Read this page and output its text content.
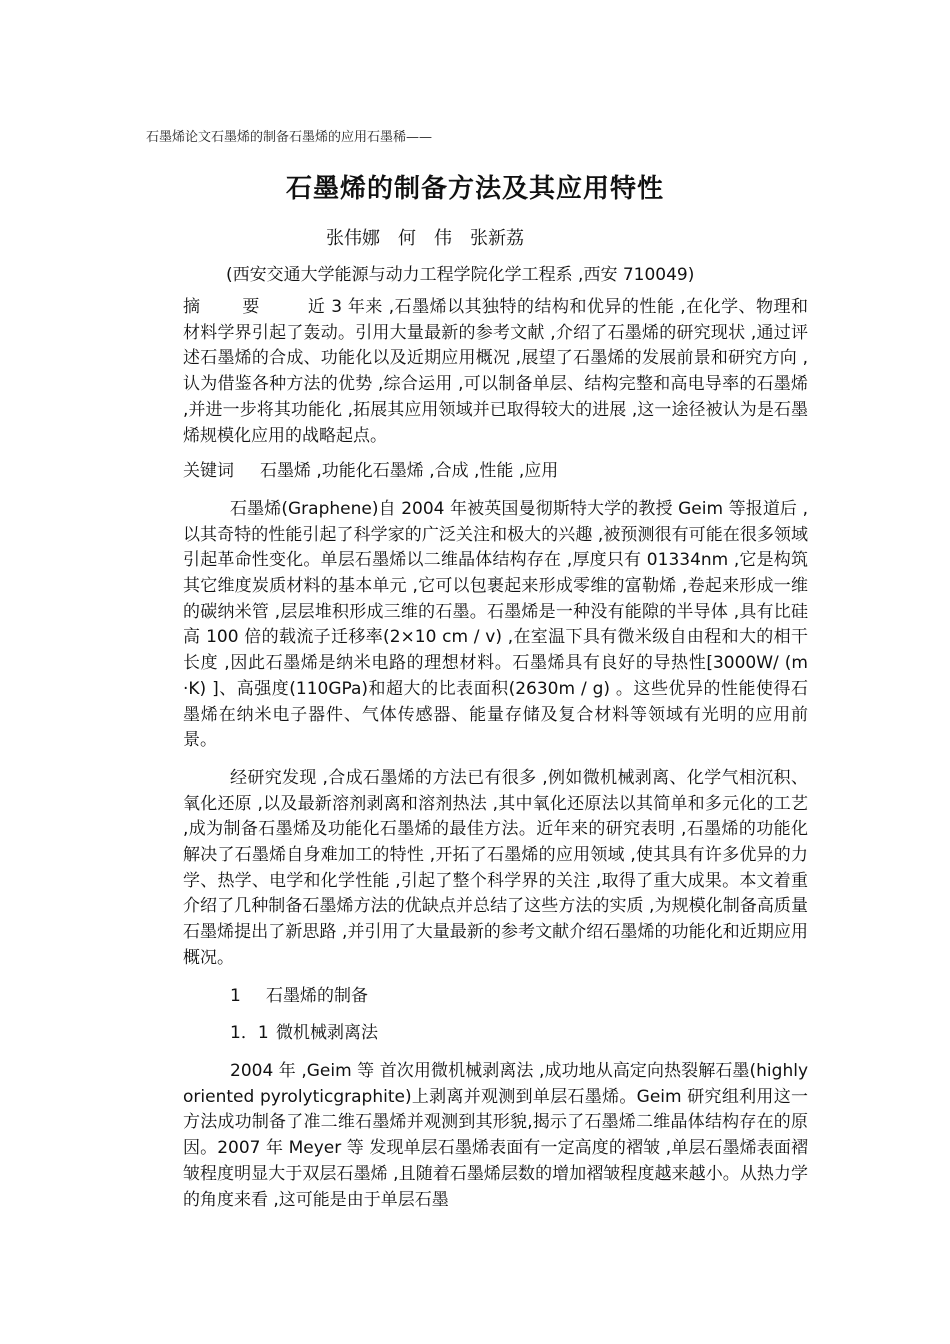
石墨烯论文石墨烯的制备石墨烯的应用石墨稀——
石墨烯的制备方法及其应用特性
张伟娜　何　伟　张新荔
(西安交通大学能源与动力工程学院化学工程系 ,西安 710049)

摘 要 近 3 年来 ,石墨烯以其独特的结构和优异的性能 ,在化学、物理和材料学界引起了轰动。引用大量最新的参考文献 ,介绍了石墨烯的研究现状 ,通过评述石墨烯的合成、功能化以及近期应用概况 ,展望了石墨烯的发展前景和研究方向 ,认为借鉴各种方法的优势 ,综合运用 ,可以制备单层、结构完整和高电导率的石墨烯 ,并进一步将其功能化 ,拓展其应用领域并已取得较大的进展 ,这一途径被认为是石墨烯规模化应用的战略起点。

关键词 石墨烯 ,功能化石墨烯 ,合成 ,性能 ,应用

石墨烯(Graphene)自 2004 年被英国曼彻斯特大学的教授 Geim 等报道后 ,以其奇特的性能引起了科学家的广泛关注和极大的兴趣 ,被预测很有可能在很多领域引起革命性变化。单层石墨烯以二维晶体结构存在 ,厚度只有 01334nm ,它是构筑其它维度炭质材料的基本单元 ,它可以包裹起来形成零维的富勒烯 ,卷起来形成一维的碳纳米管 ,层层堆积形成三维的石墨。石墨烯是一种没有能隙的半导体 ,具有比硅高 100 倍的载流子迁移率(2×10 cm / v) ,在室温下具有微米级自由程和大的相干长度 ,因此石墨烯是纳米电路的理想材料。石墨烯具有良好的导热性[3000W/ (m ·K) ]、高强度(110GPa)和超大的比表面积(2630m / g) 。这些优异的性能使得石墨烯在纳米电子器件、气体传感器、能量存储及复合材料等领域有光明的应用前景。

经研究发现 ,合成石墨烯的方法已有很多 ,例如微机械剥离、化学气相沉积、氧化还原 ,以及最新溶剂剥离和溶剂热法 ,其中氧化还原法以其简单和多元化的工艺 ,成为制备石墨烯及功能化石墨烯的最佳方法。近年来的研究表明 ,石墨烯的功能化解决了石墨烯自身难加工的特性 ,开拓了石墨烯的应用领域 ,使其具有许多优异的力学、热学、电学和化学性能 ,引起了整个科学界的关注 ,取得了重大成果。本文着重介绍了几种制备石墨烯方法的优缺点并总结了这些方法的实质 ,为规模化制备高质量石墨烯提出了新思路 ,并引用了大量最新的参考文献介绍石墨烯的功能化和近期应用概况。

1 石墨烯的制备

1．1 微机械剥离法

2004 年 ,Geim 等 首次用微机械剥离法 ,成功地从高定向热裂解石墨(highly oriented pyrolyticgraphite)上剥离并观测到单层石墨烯。Geim 研究组利用这一方法成功制备了准二维石墨烯并观测到其形貌,揭示了石墨烯二维晶体结构存在的原因。2007 年 Meyer 等 发现单层石墨烯表面有一定高度的褶皱 ,单层石墨烯表面褶皱程度明显大于双层石墨烯 ,且随着石墨烯层数的增加褶皱程度越来越小。从热力学的角度来看 ,这可能是由于单层石墨
